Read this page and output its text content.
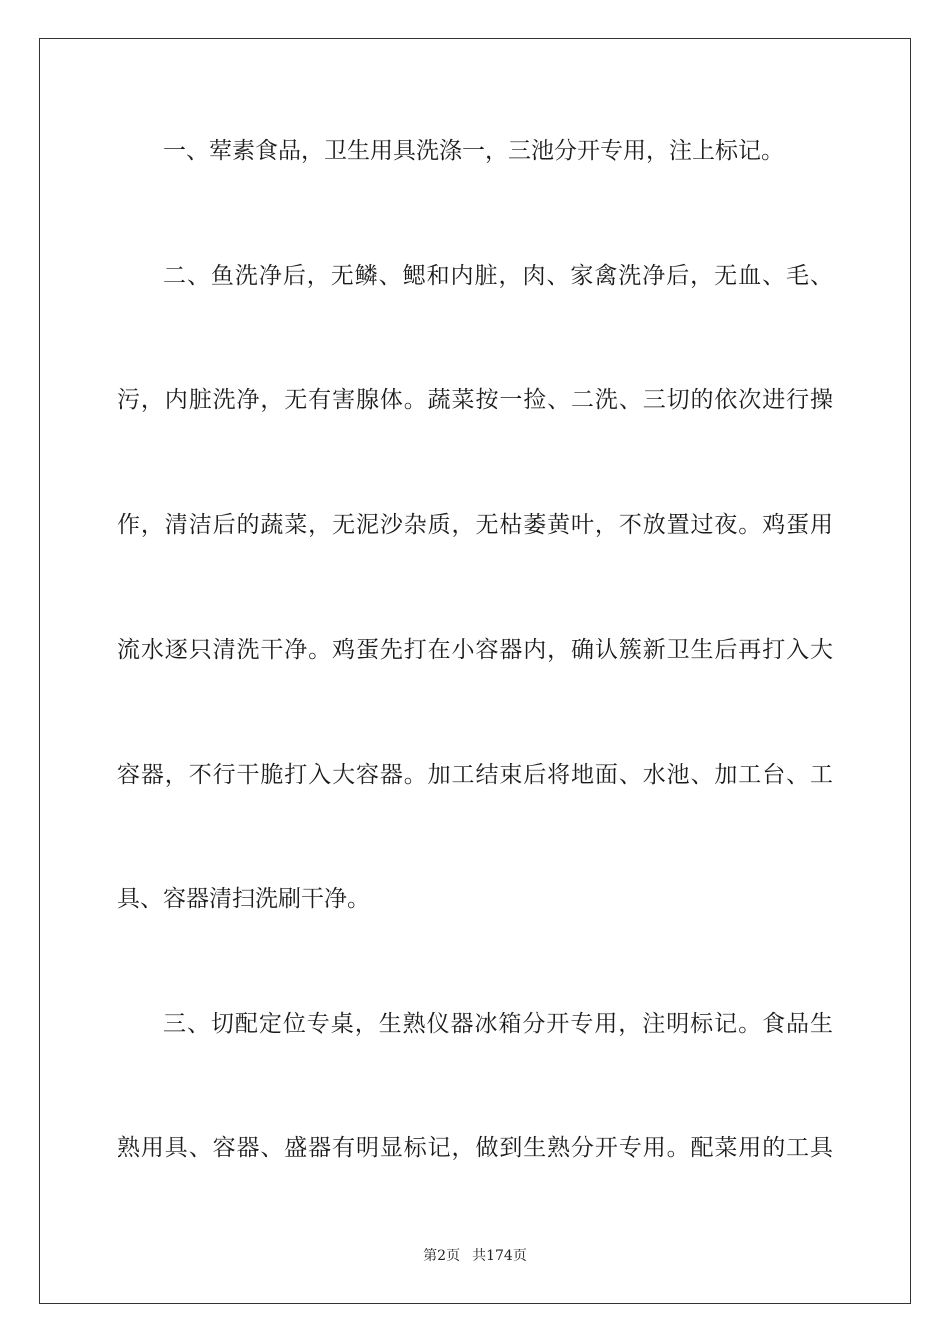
一、荤素食品，卫生用具洗涤一，三池分开专用，注上标记。
二、鱼洗净后，无鳞、鳃和内脏，肉、家禽洗净后，无血、毛、
污，内脏洗净，无有害腺体。蔬菜按一捡、二洗、三切的依次进行操
作，清洁后的蔬菜，无泥沙杂质，无枯萎黄叶，不放置过夜。鸡蛋用
流水逐只清洗干净。鸡蛋先打在小容器内，确认簇新卫生后再打入大
容器，不行干脆打入大容器。加工结束后将地面、水池、加工台、工
具、容器清扫洗刷干净。
三、切配定位专桌，生熟仪器冰箱分开专用，注明标记。食品生
熟用具、容器、盛器有明显标记，做到生熟分开专用。配菜用的工具
第2页 共174页
